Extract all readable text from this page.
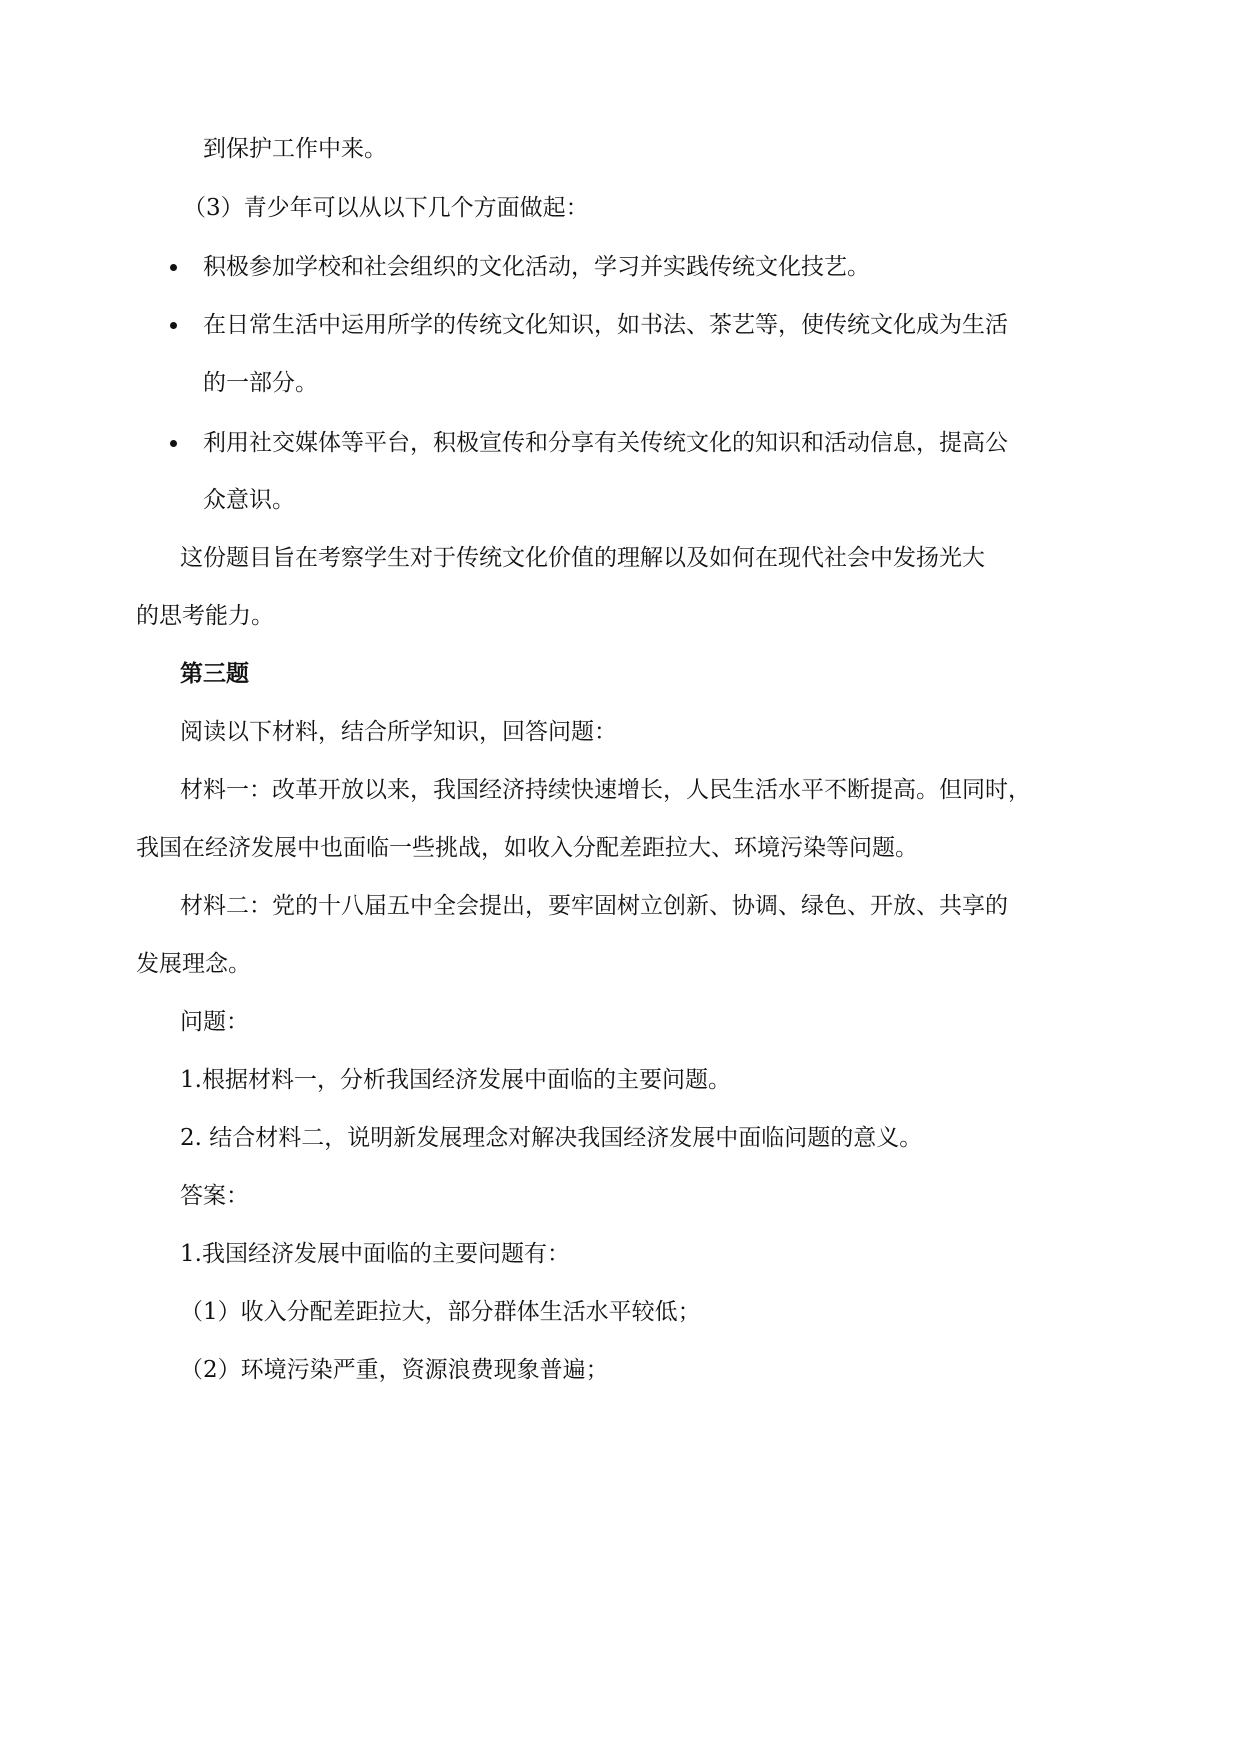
到保护工作中来。
（3）青少年可以从以下几个方面做起：
积极参加学校和社会组织的文化活动，学习并实践传统文化技艺。
在日常生活中运用所学的传统文化知识，如书法、茶艺等，使传统文化成为生活
的一部分。
利用社交媒体等平台，积极宣传和分享有关传统文化的知识和活动信息，提高公
众意识。
这份题目旨在考察学生对于传统文化价值的理解以及如何在现代社会中发扬光大
的思考能力。
第三题
阅读以下材料，结合所学知识，回答问题：
材料一：改革开放以来，我国经济持续快速增长，人民生活水平不断提高。但同时，
我国在经济发展中也面临一些挑战，如收入分配差距拉大、环境污染等问题。
材料二：党的十八届五中全会提出，要牢固树立创新、协调、绿色、开放、共享的
发展理念。
问题：
1.根据材料一，分析我国经济发展中面临的主要问题。
2. 结合材料二，说明新发展理念对解决我国经济发展中面临问题的意义。
答案：
1.我国经济发展中面临的主要问题有：
（1）收入分配差距拉大，部分群体生活水平较低；
（2）环境污染严重，资源浪费现象普遍；
